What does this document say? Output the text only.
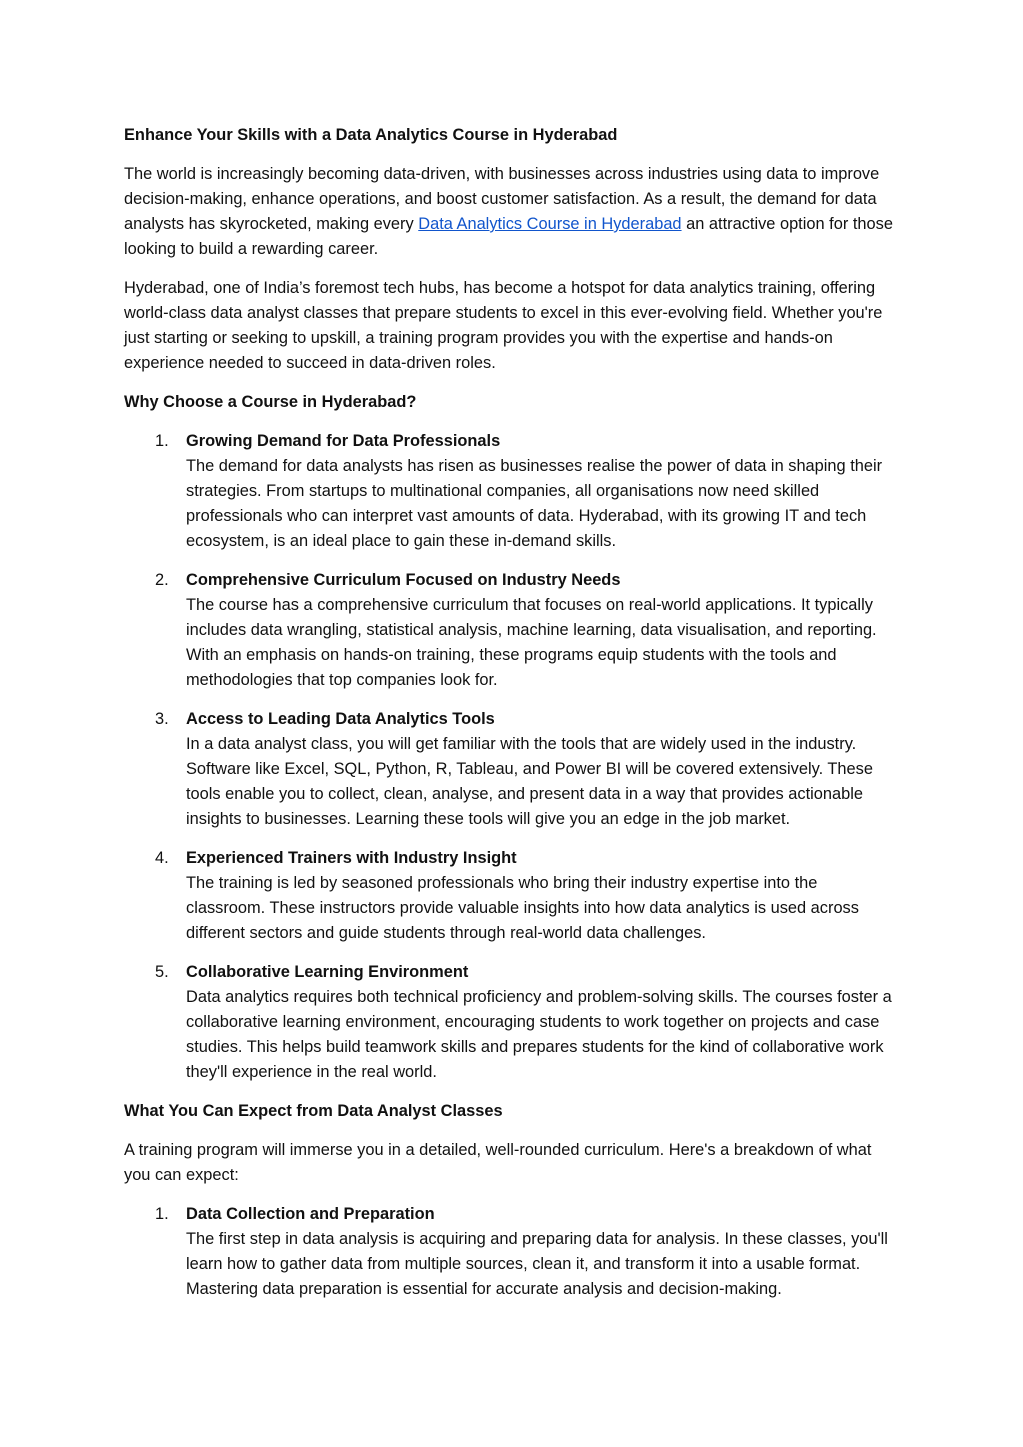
Enhance Your Skills with a Data Analytics Course in Hyderabad
The world is increasingly becoming data-driven, with businesses across industries using data to improve decision-making, enhance operations, and boost customer satisfaction. As a result, the demand for data analysts has skyrocketed, making every Data Analytics Course in Hyderabad an attractive option for those looking to build a rewarding career.
Hyderabad, one of India’s foremost tech hubs, has become a hotspot for data analytics training, offering world-class data analyst classes that prepare students to excel in this ever-evolving field. Whether you're just starting or seeking to upskill, a training program provides you with the expertise and hands-on experience needed to succeed in data-driven roles.
Why Choose a Course in Hyderabad?
1. Growing Demand for Data Professionals
The demand for data analysts has risen as businesses realise the power of data in shaping their strategies. From startups to multinational companies, all organisations now need skilled professionals who can interpret vast amounts of data. Hyderabad, with its growing IT and tech ecosystem, is an ideal place to gain these in-demand skills.
2. Comprehensive Curriculum Focused on Industry Needs
The course has a comprehensive curriculum that focuses on real-world applications. It typically includes data wrangling, statistical analysis, machine learning, data visualisation, and reporting. With an emphasis on hands-on training, these programs equip students with the tools and methodologies that top companies look for.
3. Access to Leading Data Analytics Tools
In a data analyst class, you will get familiar with the tools that are widely used in the industry. Software like Excel, SQL, Python, R, Tableau, and Power BI will be covered extensively. These tools enable you to collect, clean, analyse, and present data in a way that provides actionable insights to businesses. Learning these tools will give you an edge in the job market.
4. Experienced Trainers with Industry Insight
The training is led by seasoned professionals who bring their industry expertise into the classroom. These instructors provide valuable insights into how data analytics is used across different sectors and guide students through real-world data challenges.
5. Collaborative Learning Environment
Data analytics requires both technical proficiency and problem-solving skills. The courses foster a collaborative learning environment, encouraging students to work together on projects and case studies. This helps build teamwork skills and prepares students for the kind of collaborative work they'll experience in the real world.
What You Can Expect from Data Analyst Classes
A training program will immerse you in a detailed, well-rounded curriculum. Here's a breakdown of what you can expect:
1. Data Collection and Preparation
The first step in data analysis is acquiring and preparing data for analysis. In these classes, you'll learn how to gather data from multiple sources, clean it, and transform it into a usable format. Mastering data preparation is essential for accurate analysis and decision-making.
